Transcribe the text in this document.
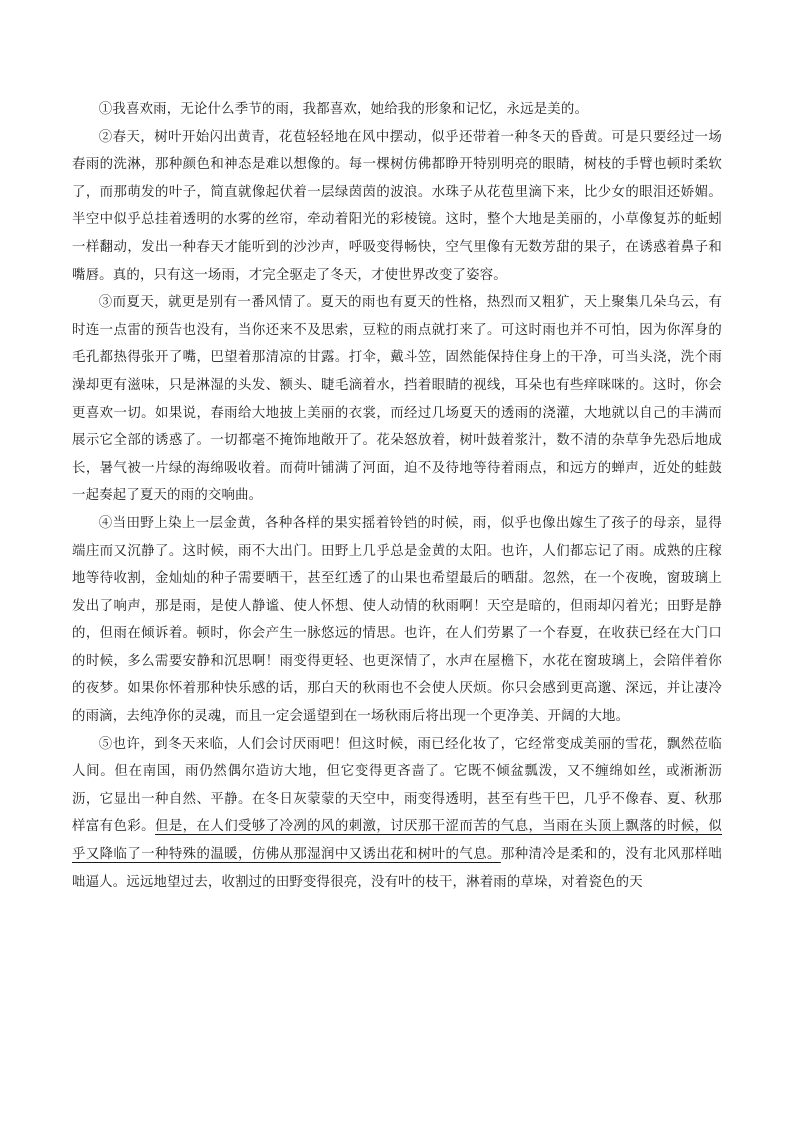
①我喜欢雨，无论什么季节的雨，我都喜欢，她给我的形象和记忆，永远是美的。

②春天，树叶开始闪出黄青，花苞轻轻地在风中摆动，似乎还带着一种冬天的昏黄。可是只要经过一场春雨的洗淋，那种颜色和神态是难以想像的。每一棵树仿佛都睁开特别明亮的眼睛，树枝的手臂也顿时柔软了，而那萌发的叶子，简直就像起伏着一层绿茵茵的波浪。水珠子从花苞里滴下来，比少女的眼泪还娇媚。半空中似乎总挂着透明的水雾的丝帘，牵动着阳光的彩棱镜。这时，整个大地是美丽的，小草像复苏的蚯蚓一样翻动，发出一种春天才能听到的沙沙声，呼吸变得畅快，空气里像有无数芳甜的果子，在诱惑着鼻子和嘴唇。真的，只有这一场雨，才完全驱走了冬天，才使世界改变了姿容。

③而夏天，就更是别有一番风情了。夏天的雨也有夏天的性格，热烈而又粗犷，天上聚集几朵乌云，有时连一点雷的预告也没有，当你还来不及思索，豆粒的雨点就打来了。可这时雨也并不可怕，因为你浑身的毛孔都热得张开了嘴，巴望着那清凉的甘露。打伞，戴斗笠，固然能保持住身上的干净，可当头浇，洗个雨澡却更有滋味，只是淋湿的头发、额头、睫毛滴着水，挡着眼睛的视线，耳朵也有些痒咪咪的。这时，你会更喜欢一切。如果说，春雨给大地披上美丽的衣裳，而经过几场夏天的透雨的浇灌，大地就以自己的丰满而展示它全部的诱惑了。一切都毫不掩饰地敞开了。花朵怒放着，树叶鼓着浆汁，数不清的杂草争先恐后地成长，暑气被一片绿的海绵吸收着。而荷叶铺满了河面，迫不及待地等待着雨点，和远方的蝉声，近处的蛙鼓一起奏起了夏天的雨的交响曲。

④当田野上染上一层金黄，各种各样的果实摇着铃铛的时候，雨，似乎也像出嫁生了孩子的母亲，显得端庄而又沉静了。这时候，雨不大出门。田野上几乎总是金黄的太阳。也许，人们都忘记了雨。成熟的庄稼地等待收割，金灿灿的种子需要晒干，甚至红透了的山果也希望最后的晒甜。忽然，在一个夜晚，窗玻璃上发出了响声，那是雨，是使人静谧、使人怀想、使人动情的秋雨啊！天空是暗的，但雨却闪着光；田野是静的，但雨在倾诉着。顿时，你会产生一脉悠远的情思。也许，在人们劳累了一个春夏，在收获已经在大门口的时候，多么需要安静和沉思啊！雨变得更轻、也更深情了，水声在屋檐下，水花在窗玻璃上，会陪伴着你的夜梦。如果你怀着那种快乐感的话，那白天的秋雨也不会使人厌烦。你只会感到更高邈、深远，并让凄冷的雨滴，去纯净你的灵魂，而且一定会遥望到在一场秋雨后将出现一个更净美、开阔的大地。

⑤也许，到冬天来临，人们会讨厌雨吧！但这时候，雨已经化妆了，它经常变成美丽的雪花，飘然莅临人间。但在南国，雨仍然偶尔造访大地，但它变得更吝啬了。它既不倾盆瓢泼，又不缠绵如丝，或淅淅沥沥，它显出一种自然、平静。在冬日灰蒙蒙的天空中，雨变得透明，甚至有些干巴，几乎不像春、夏、秋那样富有色彩。但是，在人们受够了冷冽的风的刺激，讨厌那干涩而苦的气息，当雨在头顶上飘落的时候，似乎又降临了一种特殊的温暖，仿佛从那湿润中又诱出花和树叶的气息。那种清冷是柔和的，没有北风那样咄咄逼人。远远地望过去，收割过的田野变得很亮，没有叶的枝干，淋着雨的草垛，对着瓷色的天
